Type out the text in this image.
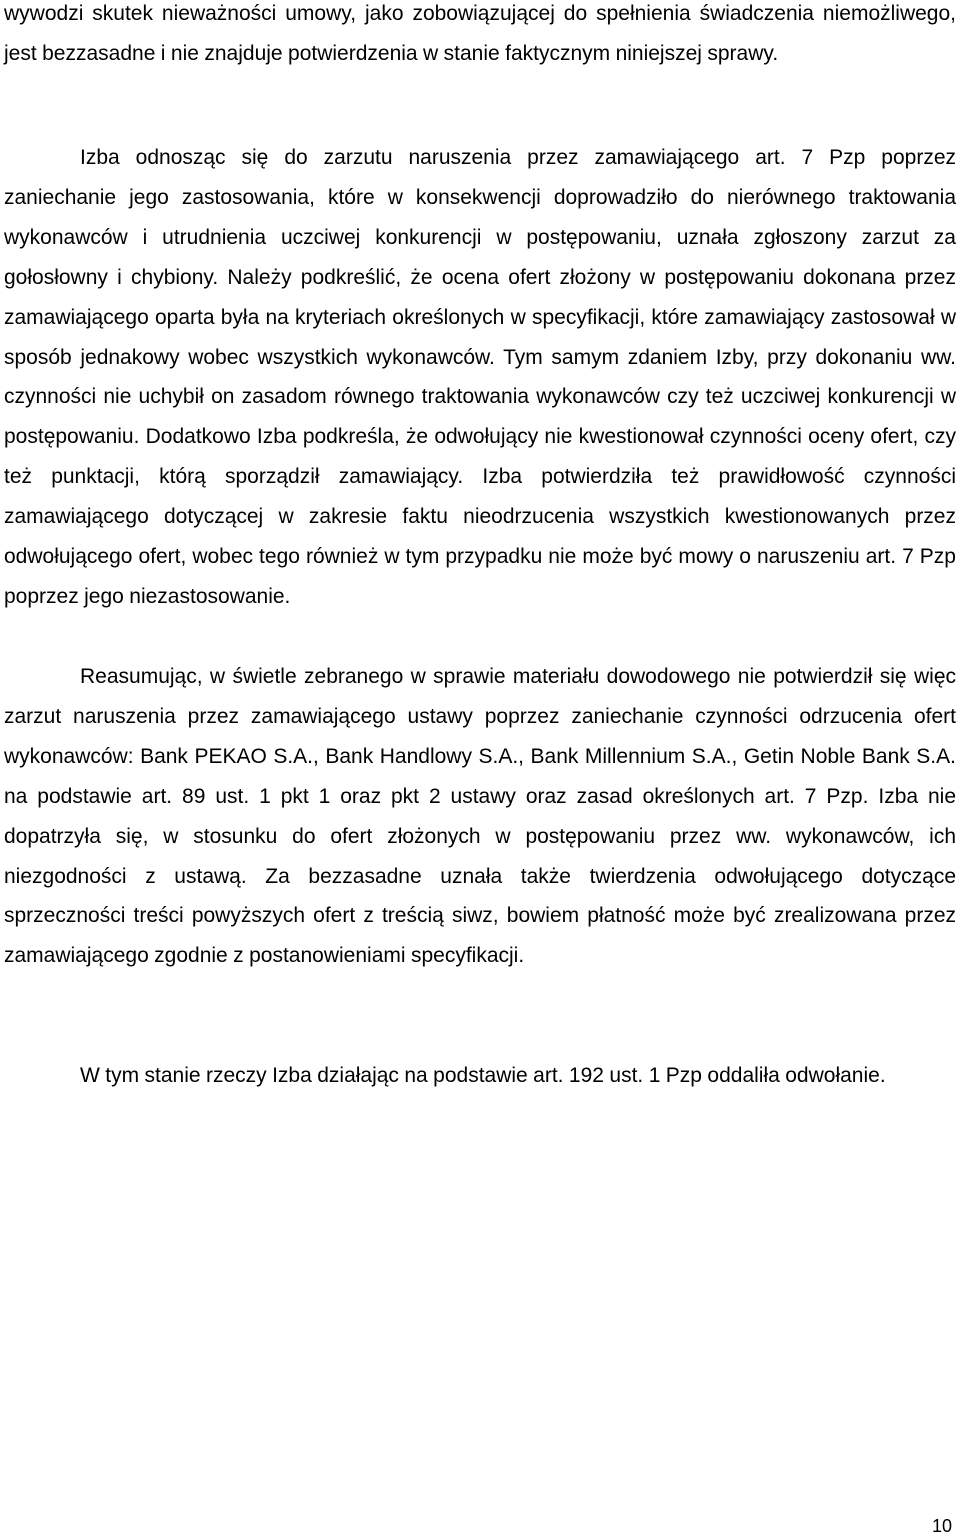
wywodzi skutek nieważności umowy, jako zobowiązującej do spełnienia świadczenia niemożliwego, jest bezzasadne i nie znajduje potwierdzenia w stanie faktycznym niniejszej sprawy.

Izba odnosząc się do zarzutu naruszenia przez zamawiającego art. 7 Pzp poprzez zaniechanie jego zastosowania, które w konsekwencji doprowadziło do nierównego traktowania wykonawców i utrudnienia uczciwej konkurencji w postępowaniu, uznała zgłoszony zarzut za gołosłowny i chybiony. Należy podkreślić, że ocena ofert złożony w postępowaniu dokonana przez zamawiającego oparta była na kryteriach określonych w specyfikacji, które zamawiający zastosował w sposób jednakowy wobec wszystkich wykonawców. Tym samym zdaniem Izby, przy dokonaniu ww. czynności nie uchybił on zasadom równego traktowania wykonawców czy też uczciwej konkurencji w postępowaniu. Dodatkowo Izba podkreśla, że odwołujący nie kwestionował czynności oceny ofert, czy też punktacji, którą sporządził zamawiający. Izba potwierdziła też prawidłowość czynności zamawiającego dotyczącej w zakresie faktu nieodrzucenia wszystkich kwestionowanych przez odwołującego ofert, wobec tego również w tym przypadku nie może być mowy o naruszeniu art. 7 Pzp poprzez jego niezastosowanie.

Reasumując, w świetle zebranego w sprawie materiału dowodowego nie potwierdził się więc zarzut naruszenia przez zamawiającego ustawy poprzez zaniechanie czynności odrzucenia ofert wykonawców: Bank PEKAO S.A., Bank Handlowy S.A., Bank Millennium S.A., Getin Noble Bank S.A. na podstawie art. 89 ust. 1 pkt 1 oraz pkt 2 ustawy oraz zasad określonych art. 7 Pzp. Izba nie dopatrzyła się, w stosunku do ofert złożonych w postępowaniu przez ww. wykonawców, ich niezgodności z ustawą. Za bezzasadne uznała także twierdzenia odwołującego dotyczące sprzeczności treści powyższych ofert z treścią siwz, bowiem płatność może być zrealizowana przez zamawiającego zgodnie z postanowieniami specyfikacji.

W tym stanie rzeczy Izba działając na podstawie art. 192 ust. 1 Pzp oddaliła odwołanie.

10
